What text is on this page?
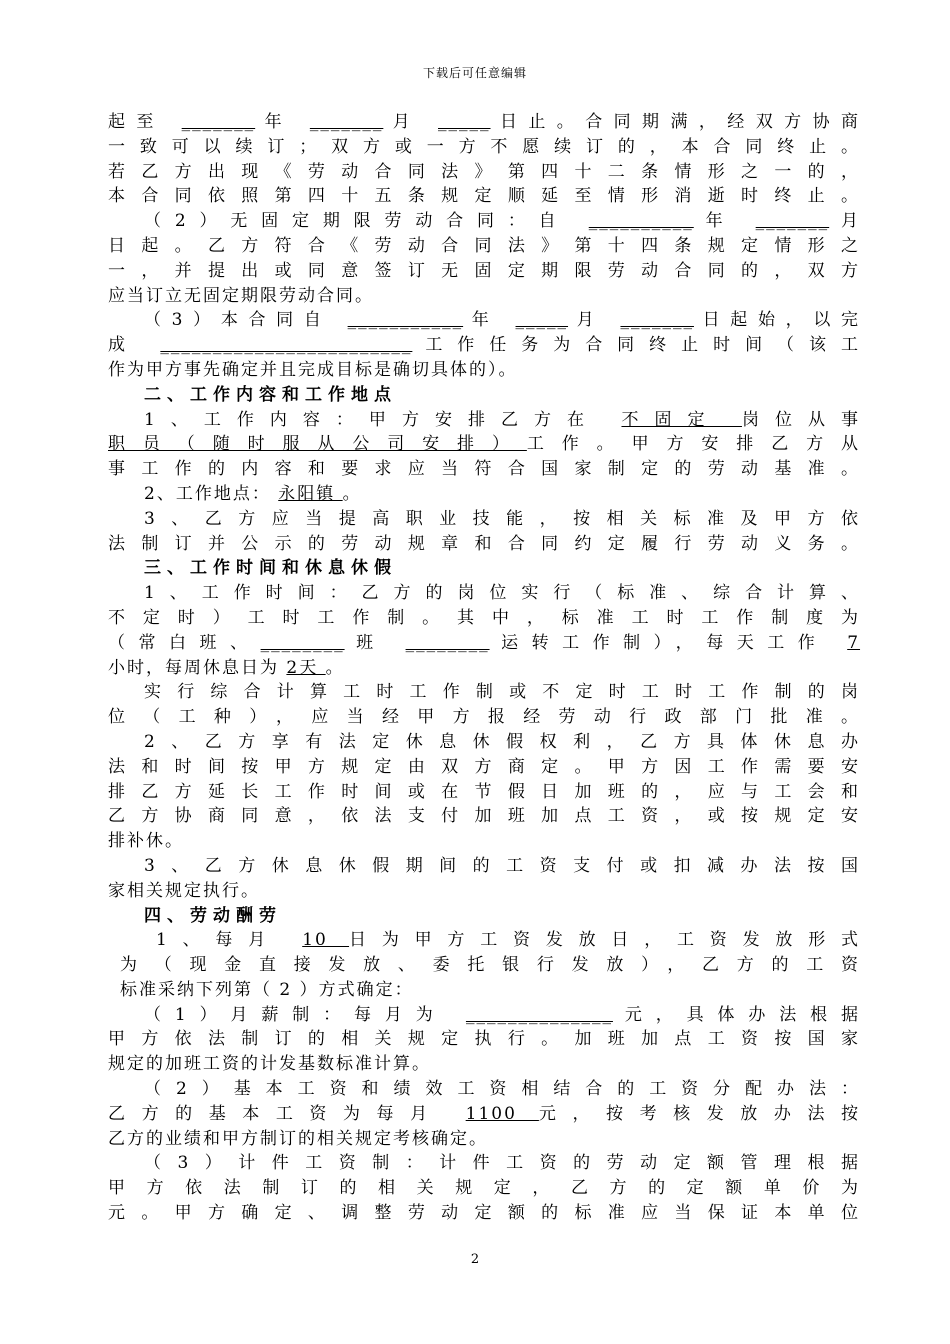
下载后可任意编辑
起至 _______年 _______月 _____日止。合同期满，经双方协商
一致可以续订；双方或一方不愿续订的，本合同终止。
若乙方出现《劳动合同法》第四十二条情形之一的，
本合同依照第四十五条规定顺延至情形消逝时终止。
（2）无固定期限劳动合同：自 __________年 _______月
日起。乙方符合《劳动合同法》第十四条规定情形之
一，并提出或同意签订无固定期限劳动合同的，双方
应当订立无固定期限劳动合同。
（3）本合同自 ___________年 _____月 _______日起始，以完
成 ________________________工作任务为合同终止时间（该工
作为甲方事先确定并且完成目标是确切具体的）。
二、工作内容和工作地点
1、工作内容：甲方安排乙方在 不固定 岗位从事
职员（随时服从公司安排）工作。甲方安排乙方从
事工作的内容和要求应当符合国家制定的劳动基准。
2、工作地点： 永阳镇 。
3、乙方应当提高职业技能，按相关标准及甲方依
法制订并公示的劳动规章和合同约定履行劳动义务。
三、工作时间和休息休假
1、工作时间：乙方的岗位实行（标准、综合计算、
不定时）工时工作制。其中，标准工时工作制度为
（常白班、________班 ________运转工作制），每天工作 7
小时，每周休息日为 2天 。
实行综合计算工时工作制或不定时工时工作制的岗
位（工种），应当经甲方报经劳动行政部门批准。
2、乙方享有法定休息休假权利，乙方具体休息办
法和时间按甲方规定由双方商定。甲方因工作需要安
排乙方延长工作时间或在节假日加班的，应与工会和
乙方协商同意，依法支付加班加点工资，或按规定安
排补休。
3、乙方休息休假期间的工资支付或扣减办法按国
家相关规定执行。
四、劳动酬劳
1、每月 10 日为甲方工资发放日，工资发放形式
为（现金直接发放、委托银行发放），乙方的工资
标准采纳下列第（ 2 ）方式确定：
（1）月薪制：每月为 ______________元，具体办法根据
甲方依法制订的相关规定执行。加班加点工资按国家
规定的加班工资的计发基数标准计算。
（2）基本工资和绩效工资相结合的工资分配办法：
乙方的基本工资为每月 1100 元，按考核发放办法按
乙方的业绩和甲方制订的相关规定考核确定。
（3）计件工资制：计件工资的劳动定额管理根据
甲方依法制订的相关规定，乙方的定额单价为
元。甲方确定、调整劳动定额的标准应当保证本单位
2
